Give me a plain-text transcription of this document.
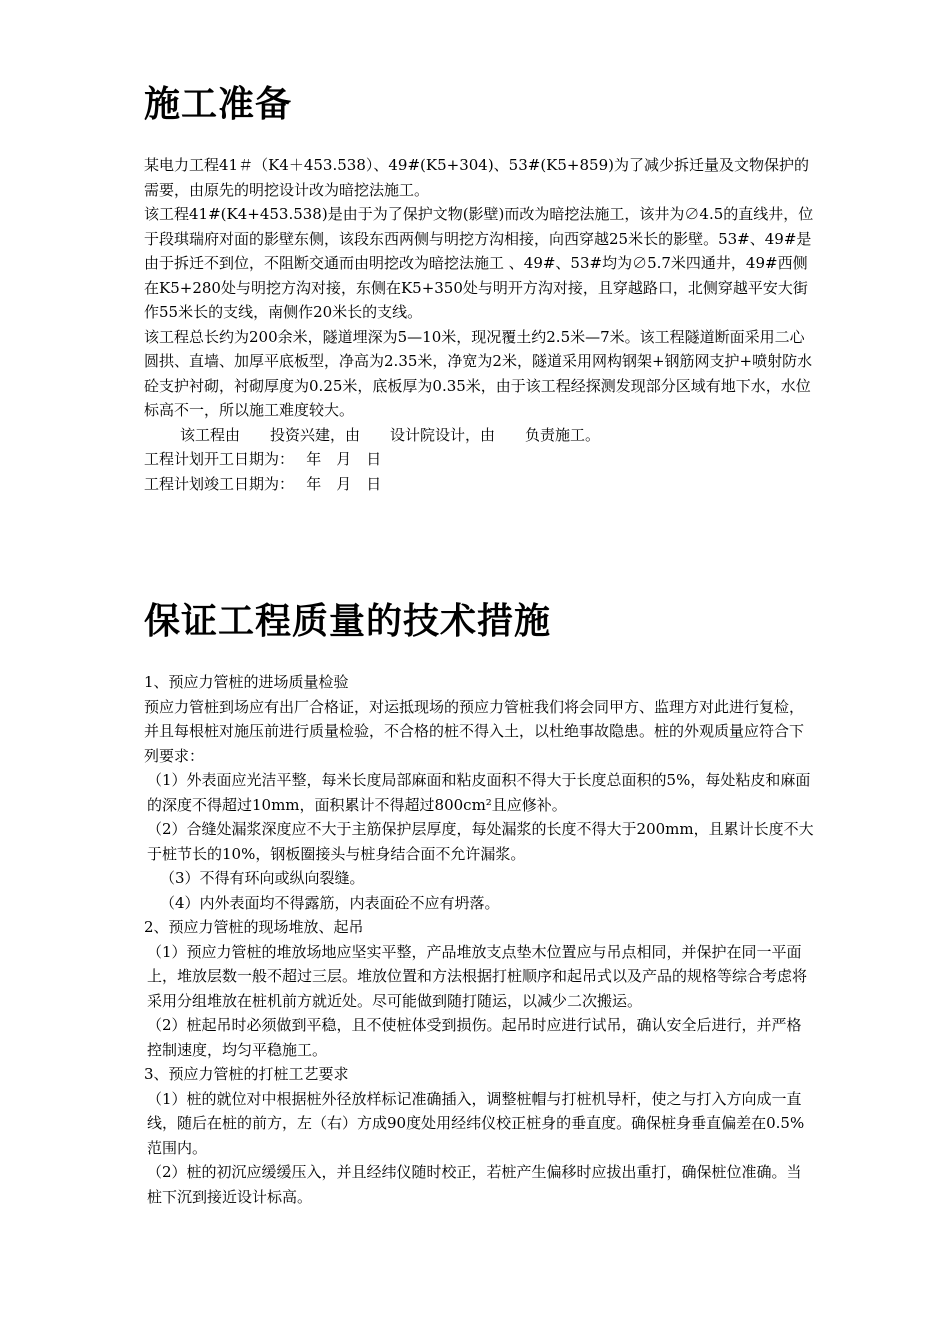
施工准备

某电力工程41＃（K4＋453.538）、49#(K5+304)、53#(K5+859)为了减少拆迁量及文物保护的需要，由原先的明挖设计改为暗挖法施工。

该工程41#(K4+453.538)是由于为了保护文物(影壁)而改为暗挖法施工，该井为∅4.5的直线井，位于段琪瑞府对面的影壁东侧，该段东西两侧与明挖方沟相接，向西穿越25米长的影壁。53#、49#是由于拆迁不到位，不阻断交通而由明挖改为暗挖法施工 、49#、53#均为∅5.7米四通井，49#西侧在K5+280处与明挖方沟对接，东侧在K5+350处与明开方沟对接，且穿越路口，北侧穿越平安大街作55米长的支线，南侧作20米长的支线。

该工程总长约为200余米，隧道埋深为5—10米，现况覆土约2.5米—7米。该工程隧道断面采用二心圆拱、直墙、加厚平底板型，净高为2.35米，净宽为2米，隧道采用网构钢架+钢筋网支护+喷射防水砼支护衬砌，衬砌厚度为0.25米，底板厚为0.35米，由于该工程经探测发现部分区域有地下水，水位标高不一，所以施工难度较大。

该工程由　　投资兴建，由　　设计院设计，由　　负责施工。

工程计划开工日期为：　 年　月　日

工程计划竣工日期为：　 年　月　日

保证工程质量的技术措施

1、预应力管桩的进场质量检验

预应力管桩到场应有出厂合格证，对运抵现场的预应力管桩我们将会同甲方、监理方对此进行复检，并且每根桩对施压前进行质量检验，不合格的桩不得入土，以杜绝事故隐患。桩的外观质量应符合下列要求：

（1）外表面应光洁平整，每米长度局部麻面和粘皮面积不得大于长度总面积的5%，每处粘皮和麻面的深度不得超过10mm，面积累计不得超过800cm²且应修补。

（2）合缝处漏浆深度应不大于主筋保护层厚度，每处漏浆的长度不得大于200mm，且累计长度不大于桩节长的10%，钢板圈接头与桩身结合面不允许漏浆。

（3）不得有环向或纵向裂缝。

（4）内外表面均不得露筋，内表面砼不应有坍落。

2、预应力管桩的现场堆放、起吊

（1）预应力管桩的堆放场地应坚实平整，产品堆放支点垫木位置应与吊点相同，并保护在同一平面上，堆放层数一般不超过三层。堆放位置和方法根据打桩顺序和起吊式以及产品的规格等综合考虑将采用分组堆放在桩机前方就近处。尽可能做到随打随运，以减少二次搬运。

（2）桩起吊时必须做到平稳，且不使桩体受到损伤。起吊时应进行试吊，确认安全后进行，并严格控制速度，均匀平稳施工。

3、预应力管桩的打桩工艺要求

（1）桩的就位对中根据桩外径放样标记准确插入，调整桩帽与打桩机导杆，使之与打入方向成一直线，随后在桩的前方，左（右）方成90度处用经纬仪校正桩身的垂直度。确保桩身垂直偏差在0.5%范围内。

（2）桩的初沉应缓缓压入，并且经纬仪随时校正，若桩产生偏移时应拔出重打，确保桩位准确。当桩下沉到接近设计标高。
